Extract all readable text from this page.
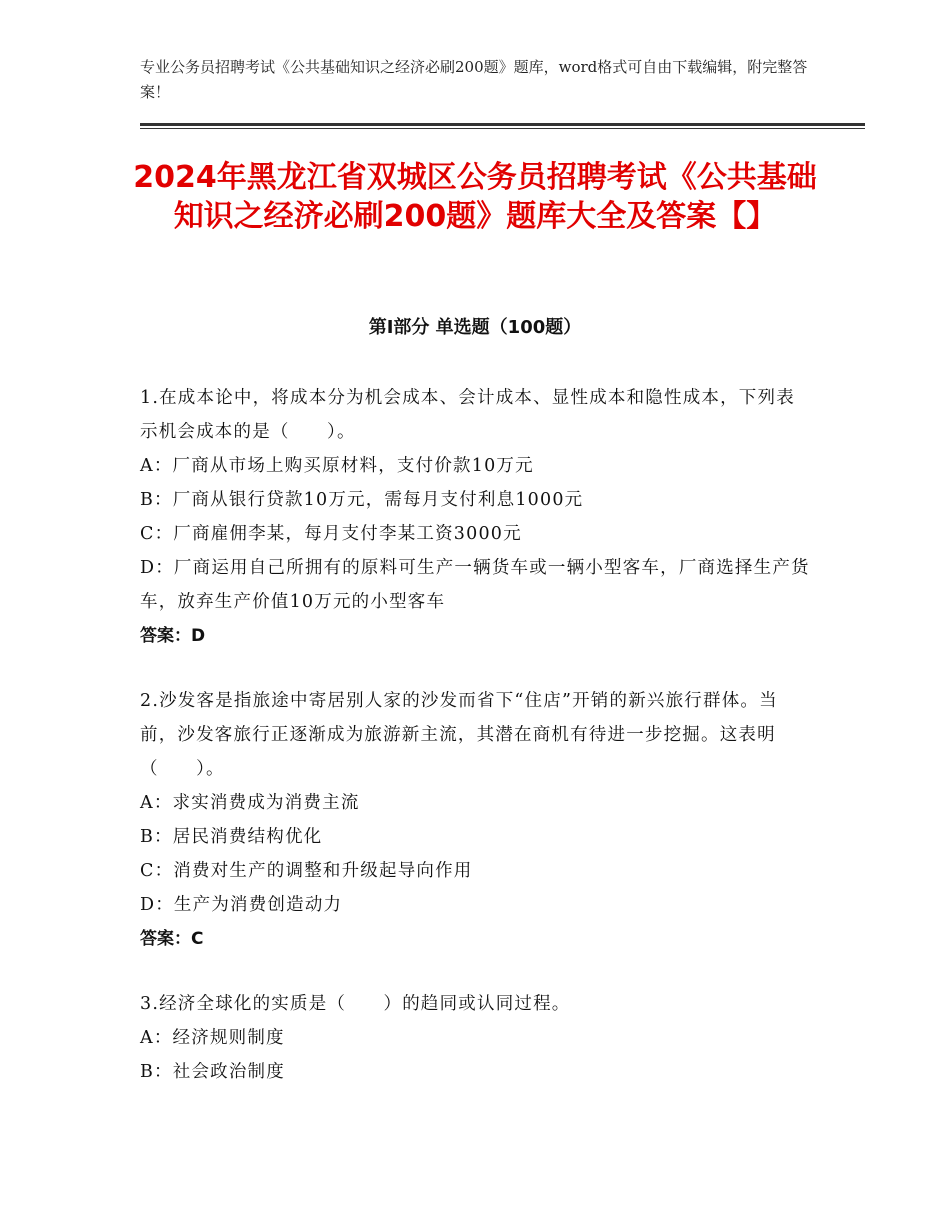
专业公务员招聘考试《公共基础知识之经济必刷200题》题库，word格式可自由下载编辑，附完整答案！
2024年黑龙江省双城区公务员招聘考试《公共基础知识之经济必刷200题》题库大全及答案【】
第I部分 单选题（100题）
1.在成本论中，将成本分为机会成本、会计成本、显性成本和隐性成本，下列表示机会成本的是（　　）。
A：厂商从市场上购买原材料，支付价款10万元
B：厂商从银行贷款10万元，需每月支付利息1000元
C：厂商雇佣李某，每月支付李某工资3000元
D：厂商运用自己所拥有的原料可生产一辆货车或一辆小型客车，厂商选择生产货车，放弃生产价值10万元的小型客车
答案：D
2.沙发客是指旅途中寄居别人家的沙发而省下“住店”开销的新兴旅行群体。当前，沙发客旅行正逐渐成为旅游新主流，其潜在商机有待进一步挖掘。这表明（　　）。
A：求实消费成为消费主流
B：居民消费结构优化
C：消费对生产的调整和升级起导向作用
D：生产为消费创造动力
答案：C
3.经济全球化的实质是（　　）的趋同或认同过程。
A：经济规则制度
B：社会政治制度
